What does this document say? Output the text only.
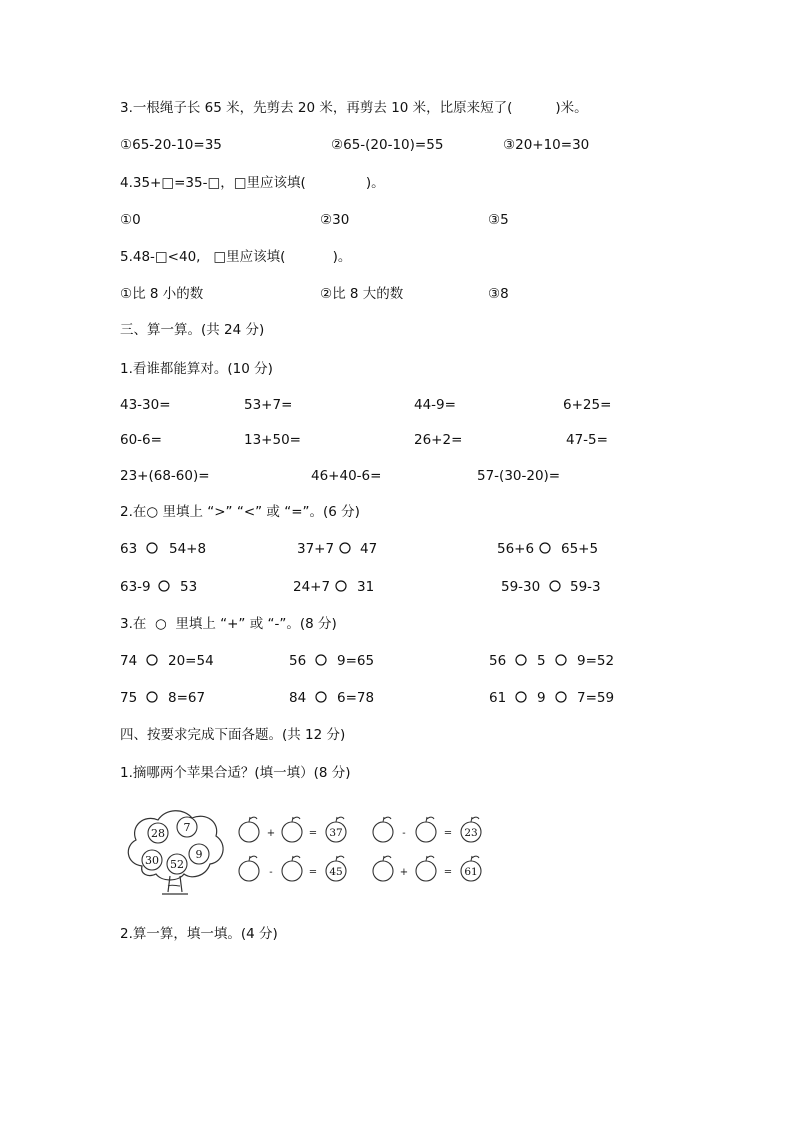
3.一根绳子长 65 米，先剪去 20 米，再剪去 10 米，比原来短了(          )米。
①65-20-10=35	②65-(20-10)=55	③20+10=30
4.35+□=35-□，□里应该填(              )。
①0	②30	③5
5.48-□<40,   □里应该填(           )。
①比 8 小的数	②比 8 大的数	③8
三、算一算。(共 24 分)
1.看谁都能算对。(10 分)
43-30=	53+7=	44-9=	6+25=
60-6=	13+50=	26+2=	47-5=
23+(68-60)=	46+40-6=	57-(30-20)=
2.在○ 里填上 “>” “<” 或 “=”。(6 分)
63 54+8	37+7 47	56+6 65+5
63-9 53	24+7 31	59-30 59-3
3.在  ○  里填上 “+” 或 “-”。(8 分)
74 20=54	56 9=65	56 5 9=52
75 8=67	84 6=78	61 9 7=59
四、按要求完成下面各题。(共 12 分)
1.摘哪两个苹果合适？(填一填）(8 分)
28 7
30 52
9
+	= 37	-	= 23
-	= 45	+	= 61
2.算一算，填一填。(4 分)
